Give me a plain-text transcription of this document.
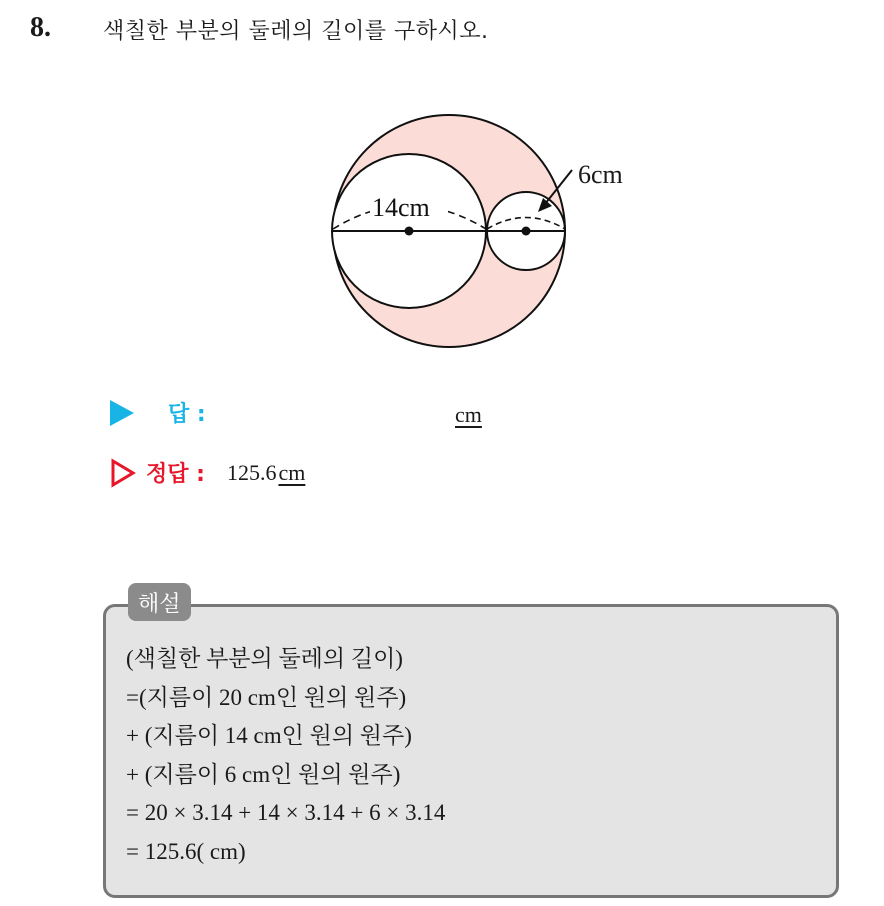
8. 색칠한 부분의 둘레의 길이를 구하시오.
14cm
6cm
답 :	cm
정답 : 125.6 cm
해설
(색칠한 부분의 둘레의 길이)
=(지름이 20 cm인 원의 원주)
+ (지름이 14 cm인 원의 원주)
+ (지름이 6 cm인 원의 원주)
= 20 × 3.14 + 14 × 3.14 + 6 × 3.14
= 125.6( cm)
